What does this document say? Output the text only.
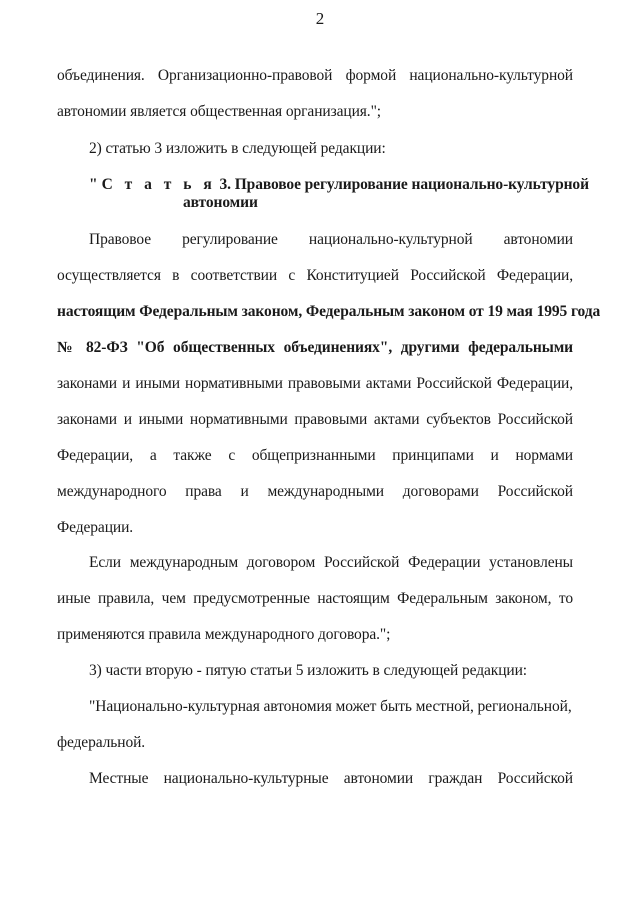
2
объединения. Организационно-правовой формой национально-культурной
автономии является общественная организация.";
2) статью 3 изложить в следующей редакции:
"С т а т ь я 3. Правовое регулирование национально-культурной
автономии
Правовое регулирование национально-культурной автономии
осуществляется в соответствии с Конституцией Российской Федерации,
настоящим Федеральным законом, Федеральным законом от 19 мая 1995 года
№ 82-ФЗ "Об общественных объединениях", другими федеральными
законами и иными нормативными правовыми актами Российской Федерации,
законами и иными нормативными правовыми актами субъектов Российской
Федерации, а также с общепризнанными принципами и нормами
международного права и международными договорами Российской
Федерации.
Если международным договором Российской Федерации установлены
иные правила, чем предусмотренные настоящим Федеральным законом, то
применяются правила международного договора.";
3) части вторую - пятую статьи 5 изложить в следующей редакции:
"Национально-культурная автономия может быть местной, региональной,
федеральной.
Местные национально-культурные автономии граждан Российской
